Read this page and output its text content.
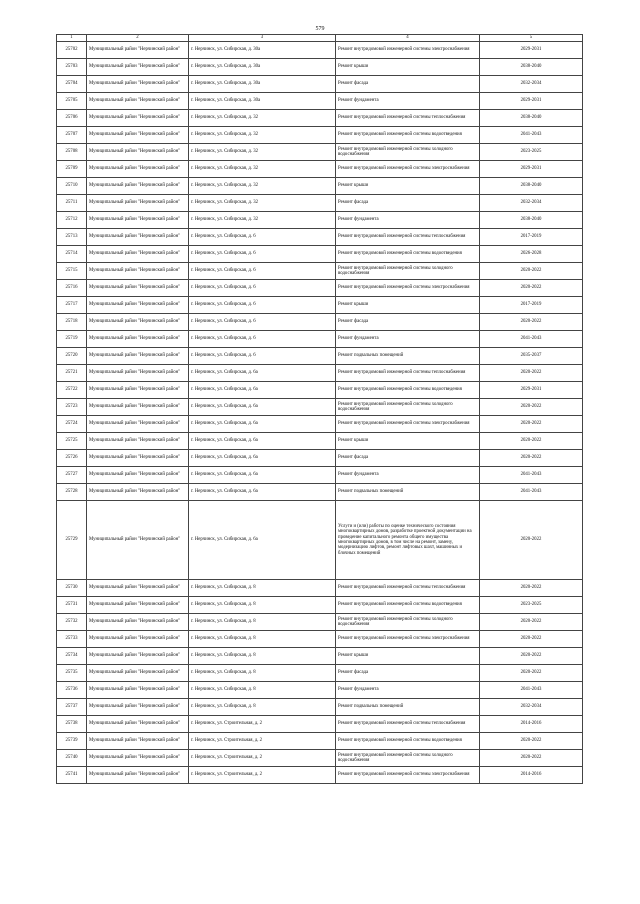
579
1	2	3	4	5
25702	Муниципальный район "Нерчинский район"	г. Нерчинск, ул. Сибирская, д. 30а	Ремонт внутридомовой инженерной системы электроснабжения	2029-2031
25703	Муниципальный район "Нерчинский район"	г. Нерчинск, ул. Сибирская, д. 30а	Ремонт крыши	2038-2040
25704	Муниципальный район "Нерчинский район"	г. Нерчинск, ул. Сибирская, д. 30а	Ремонт фасада	2032-2034
25705	Муниципальный район "Нерчинский район"	г. Нерчинск, ул. Сибирская, д. 30а	Ремонт фундамента	2029-2031
25706	Муниципальный район "Нерчинский район"	г. Нерчинск, ул. Сибирская, д. 32	Ремонт внутридомовой инженерной системы теплоснабжения	2038-2040
25707	Муниципальный район "Нерчинский район"	г. Нерчинск, ул. Сибирская, д. 32	Ремонт внутридомовой инженерной системы водоотведения	2041-2043
25708	Муниципальный район "Нерчинский район"	г. Нерчинск, ул. Сибирская, д. 32	Ремонт внутридомовой инженерной системы холодного водоснабжения	2023-2025
25709	Муниципальный район "Нерчинский район"	г. Нерчинск, ул. Сибирская, д. 32	Ремонт внутридомовой инженерной системы электроснабжения	2029-2031
25710	Муниципальный район "Нерчинский район"	г. Нерчинск, ул. Сибирская, д. 32	Ремонт крыши	2038-2040
25711	Муниципальный район "Нерчинский район"	г. Нерчинск, ул. Сибирская, д. 32	Ремонт фасада	2032-2034
25712	Муниципальный район "Нерчинский район"	г. Нерчинск, ул. Сибирская, д. 32	Ремонт фундамента	2038-2040
25713	Муниципальный район "Нерчинский район"	г. Нерчинск, ул. Сибирская, д. 6	Ремонт внутридомовой инженерной системы теплоснабжения	2017-2019
25714	Муниципальный район "Нерчинский район"	г. Нерчинск, ул. Сибирская, д. 6	Ремонт внутридомовой инженерной системы водоотведения	2026-2028
25715	Муниципальный район "Нерчинский район"	г. Нерчинск, ул. Сибирская, д. 6	Ремонт внутридомовой инженерной системы холодного водоснабжения	2020-2022
25716	Муниципальный район "Нерчинский район"	г. Нерчинск, ул. Сибирская, д. 6	Ремонт внутридомовой инженерной системы электроснабжения	2020-2022
25717	Муниципальный район "Нерчинский район"	г. Нерчинск, ул. Сибирская, д. 6	Ремонт крыши	2017-2019
25718	Муниципальный район "Нерчинский район"	г. Нерчинск, ул. Сибирская, д. 6	Ремонт фасада	2020-2022
25719	Муниципальный район "Нерчинский район"	г. Нерчинск, ул. Сибирская, д. 6	Ремонт фундамента	2041-2043
25720	Муниципальный район "Нерчинский район"	г. Нерчинск, ул. Сибирская, д. 6	Ремонт подвальных помещений	2035-2037
25721	Муниципальный район "Нерчинский район"	г. Нерчинск, ул. Сибирская, д. 6а	Ремонт внутридомовой инженерной системы теплоснабжения	2020-2022
25722	Муниципальный район "Нерчинский район"	г. Нерчинск, ул. Сибирская, д. 6а	Ремонт внутридомовой инженерной системы водоотведения	2029-2031
25723	Муниципальный район "Нерчинский район"	г. Нерчинск, ул. Сибирская, д. 6а	Ремонт внутридомовой инженерной системы холодного водоснабжения	2020-2022
25724	Муниципальный район "Нерчинский район"	г. Нерчинск, ул. Сибирская, д. 6а	Ремонт внутридомовой инженерной системы электроснабжения	2020-2022
25725	Муниципальный район "Нерчинский район"	г. Нерчинск, ул. Сибирская, д. 6а	Ремонт крыши	2020-2022
25726	Муниципальный район "Нерчинский район"	г. Нерчинск, ул. Сибирская, д. 6а	Ремонт фасада	2020-2022
25727	Муниципальный район "Нерчинский район"	г. Нерчинск, ул. Сибирская, д. 6а	Ремонт фундамента	2041-2043
25728	Муниципальный район "Нерчинский район"	г. Нерчинск, ул. Сибирская, д. 6а	Ремонт подвальных помещений	2041-2043
25729	Муниципальный район "Нерчинский район"	г. Нерчинск, ул. Сибирская, д. 6а	Услуги и (или) работы по оценке технического состояния многоквартирных домов, разработке проектной документации на проведение капитального ремонта общего имущества многоквартирных домов, в том числе на ремонт, замену, модернизацию лифтов, ремонт лифтовых шахт, машинных и блочных помещений	2020-2022
25730	Муниципальный район "Нерчинский район"	г. Нерчинск, ул. Сибирская, д. 8	Ремонт внутридомовой инженерной системы теплоснабжения	2020-2022
25731	Муниципальный район "Нерчинский район"	г. Нерчинск, ул. Сибирская, д. 8	Ремонт внутридомовой инженерной системы водоотведения	2023-2025
25732	Муниципальный район "Нерчинский район"	г. Нерчинск, ул. Сибирская, д. 8	Ремонт внутридомовой инженерной системы холодного водоснабжения	2020-2022
25733	Муниципальный район "Нерчинский район"	г. Нерчинск, ул. Сибирская, д. 8	Ремонт внутридомовой инженерной системы электроснабжения	2020-2022
25734	Муниципальный район "Нерчинский район"	г. Нерчинск, ул. Сибирская, д. 8	Ремонт крыши	2020-2022
25735	Муниципальный район "Нерчинский район"	г. Нерчинск, ул. Сибирская, д. 8	Ремонт фасада	2020-2022
25736	Муниципальный район "Нерчинский район"	г. Нерчинск, ул. Сибирская, д. 8	Ремонт фундамента	2041-2043
25737	Муниципальный район "Нерчинский район"	г. Нерчинск, ул. Сибирская, д. 8	Ремонт подвальных помещений	2032-2034
25738	Муниципальный район "Нерчинский район"	г. Нерчинск, ул. Строительная, д. 2	Ремонт внутридомовой инженерной системы теплоснабжения	2014-2016
25739	Муниципальный район "Нерчинский район"	г. Нерчинск, ул. Строительная, д. 2	Ремонт внутридомовой инженерной системы водоотведения	2020-2022
25740	Муниципальный район "Нерчинский район"	г. Нерчинск, ул. Строительная, д. 2	Ремонт внутридомовой инженерной системы холодного водоснабжения	2020-2022
25741	Муниципальный район "Нерчинский район"	г. Нерчинск, ул. Строительная, д. 2	Ремонт внутридомовой инженерной системы электроснабжения	2014-2016
